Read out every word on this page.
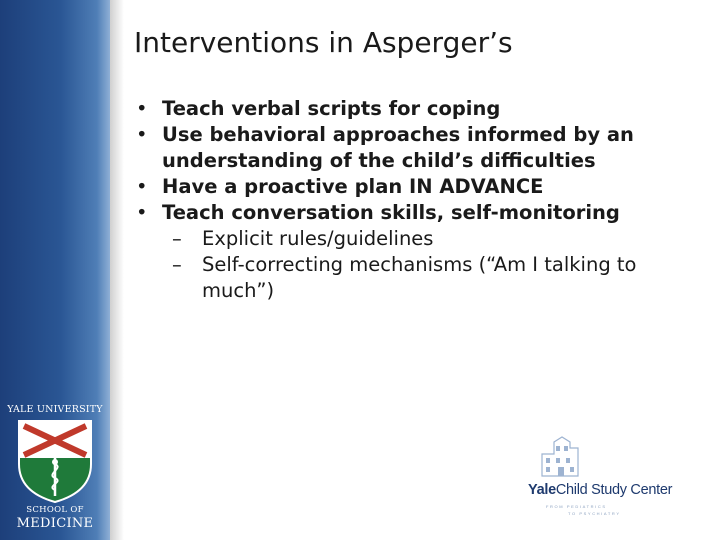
YALE UNIVERSITY
SCHOOL OF
MEDICINE
Interventions in Asperger’s
• Teach verbal scripts for coping
• Use behavioral approaches informed by an understanding of the child’s difficulties
• Have a proactive plan IN ADVANCE
• Teach conversation skills, self-monitoring
– Explicit rules/guidelines
– Self-correcting mechanisms (“Am I talking to much”)
YaleChild Study Center
FROM PEDIATRICS
TO PSYCHIATRY
